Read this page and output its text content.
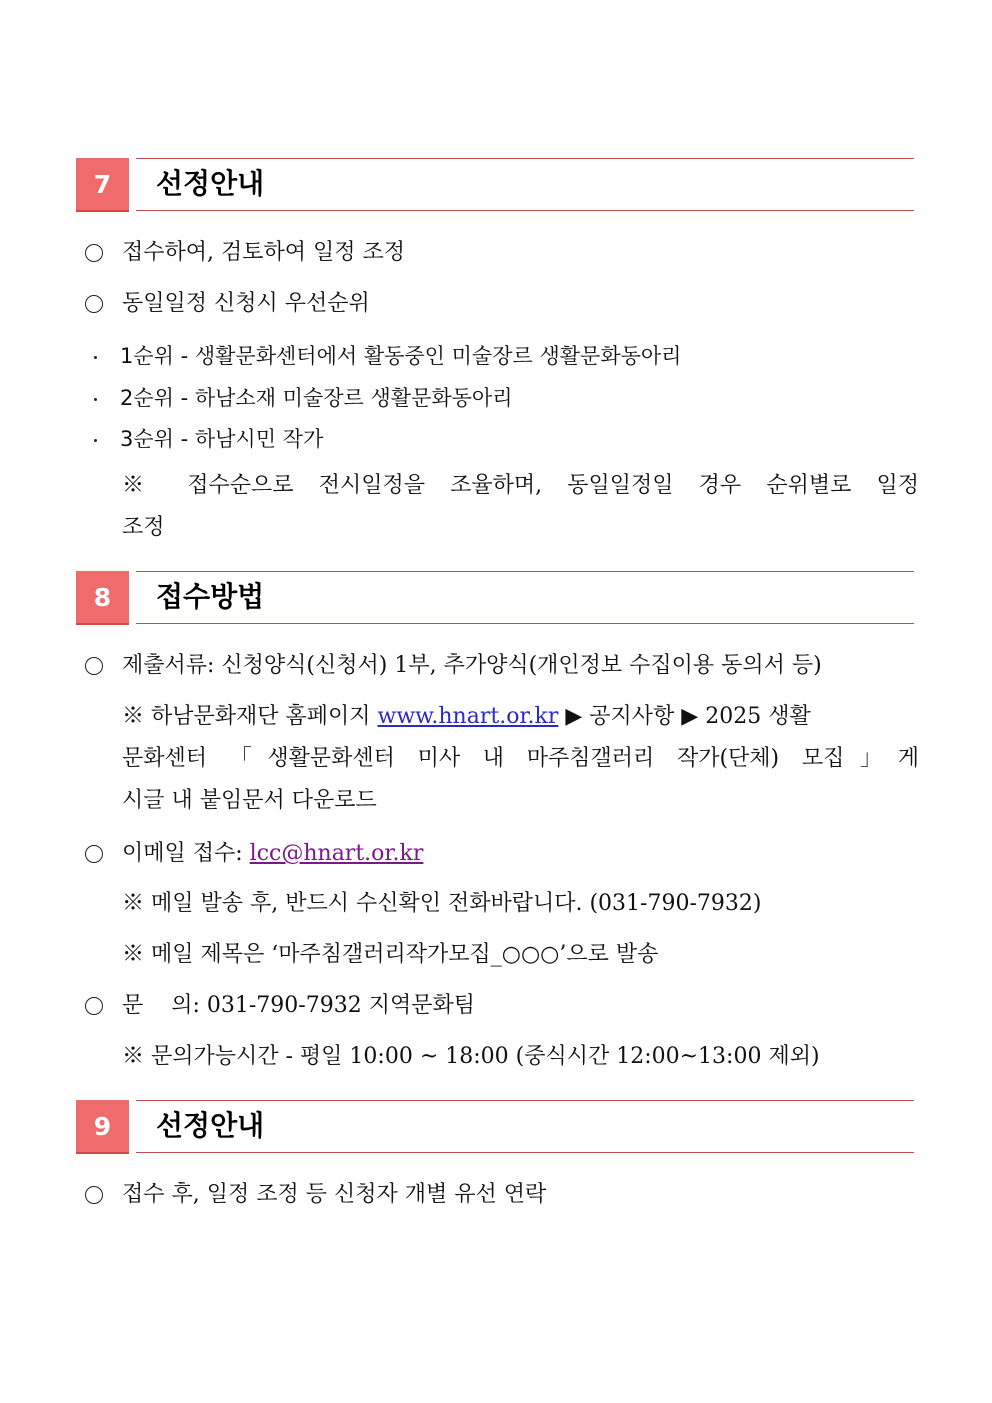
7	선정안내
접수하여, 검토하여 일정 조정
동일일정 신청시 우선순위
1순위 - 생활문화센터에서 활동중인 미술장르 생활문화동아리
2순위 - 하남소재 미술장르 생활문화동아리
3순위 - 하남시민 작가
※ 접수순으로 전시일정을 조율하며, 동일일정일 경우 순위별로 일정
조정
8	접수방법
제출서류: 신청양식(신청서) 1부, 추가양식(개인정보 수집이용 동의서 등)
※ 하남문화재단 홈페이지 www.hnart.or.kr ▶ 공지사항 ▶ 2025 생활
문화센터 「생활문화센터 미사 내 마주침갤러리 작가(단체) 모집」게
시글 내 붙임문서 다운로드
이메일 접수: lcc@hnart.or.kr
※ 메일 발송 후, 반드시 수신확인 전화바랍니다. (031-790-7932)
※ 메일 제목은 ‘마주침갤러리작가모집_○○○’으로 발송
문    의: 031-790-7932 지역문화팀
※ 문의가능시간 - 평일 10:00 ~ 18:00 (중식시간 12:00~13:00 제외)
9	선정안내
접수 후, 일정 조정 등 신청자 개별 유선 연락
